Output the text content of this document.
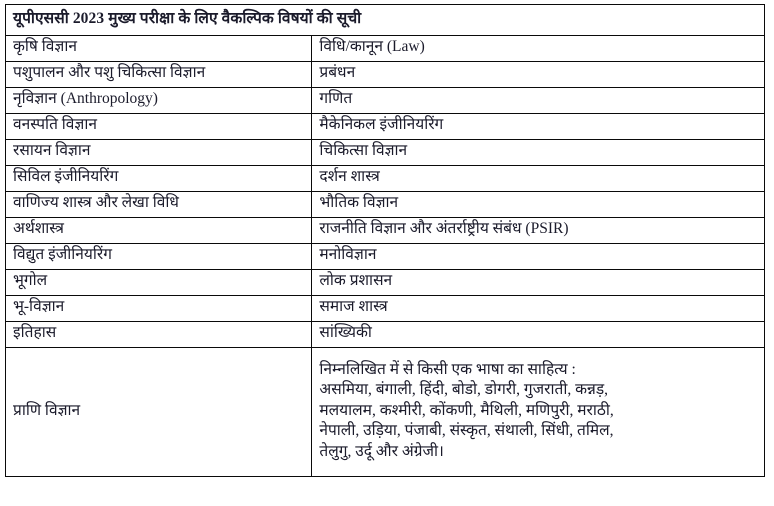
यूपीएससी 2023 मुख्य परीक्षा के लिए वैकल्पिक विषयों की सूची	
कृषि विज्ञान	विधि/कानून (Law)
पशुपालन और पशु चिकित्सा विज्ञान	प्रबंधन
नृविज्ञान (Anthropology)	गणित
वनस्पति विज्ञान	मैकेनिकल इंजीनियरिंग
रसायन विज्ञान	चिकित्सा विज्ञान
सिविल इंजीनियरिंग	दर्शन शास्त्र
वाणिज्य शास्त्र और लेखा विधि	भौतिक विज्ञान
अर्थशास्त्र	राजनीति विज्ञान और अंतर्राष्ट्रीय संबंध (PSIR)
विद्युत इंजीनियरिंग	मनोविज्ञान
भूगोल	लोक प्रशासन
भू-विज्ञान	समाज शास्त्र
इतिहास	सांख्यिकी
प्राणि विज्ञान	निम्नलिखित में से किसी एक भाषा का साहित्य :
असमिया, बंगाली, हिंदी, बोडो, डोगरी, गुजराती, कन्नड़,
मलयालम, कश्मीरी, कोंकणी, मैथिली, मणिपुरी, मराठी,
नेपाली, उड़िया, पंजाबी, संस्कृत, संथाली, सिंधी, तमिल,
तेलुगु, उर्दू और अंग्रेजी।
